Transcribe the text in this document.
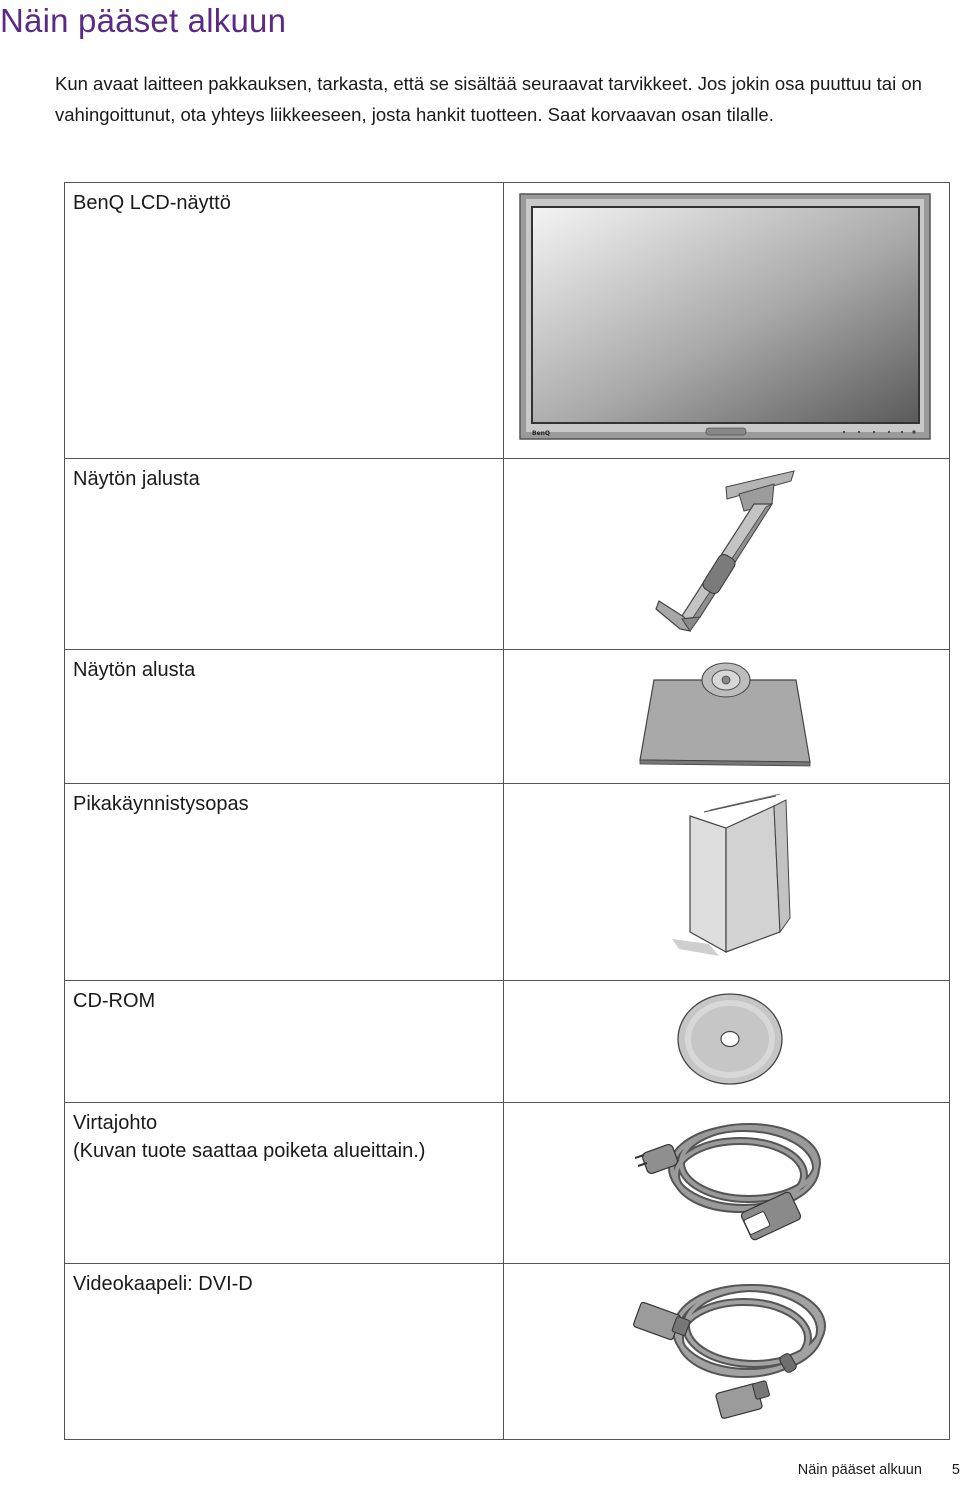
Näin pääset alkuun
Kun avaat laitteen pakkauksen, tarkasta, että se sisältää seuraavat tarvikkeet. Jos jokin osa puuttuu tai on vahingoittunut, ota yhteys liikkeeseen, josta hankit tuotteen. Saat korvaavan osan tilalle.
BenQ LCD-näyttö	BenQ

Näytön jalusta	

Näytön alusta	

Pikakäynnistysopas	

CD-ROM	

Virtajohto
(Kuvan tuote saattaa poiketa alueittain.)

Videokaapeli: DVI-D	
Näin pääset alkuun 5
